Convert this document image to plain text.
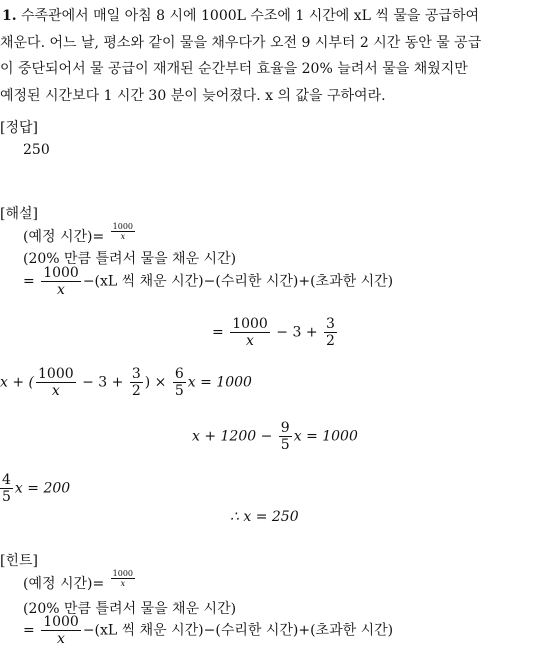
1. 수족관에서 매일 아침 8 시에 1000L 수조에 1 시간에 xL 씩 물을 공급하여
채운다. 어느 날, 평소와 같이 물을 채우다가 오전 9 시부터 2 시간 동안 물 공급
이 중단되어서 물 공급이 재개된 순간부터 효율을 20% 늘려서 물을 채웠지만
예정된 시간보다 1 시간 30 분이 늦어졌다. x 의 값을 구하여라.
[정답]
250
[해설]
(예정 시간)= $\frac{1000}{x}$
(20% 만큼 틀려서 물을 채운 시간)
= $\frac{1000}{x} -(xL$ 씩 채운 시간)−(수리한 시간)+(초과한 시간)
= $\frac{1000}{x} - 3 + \frac{3}{2}$
x + ( $\frac{1000}{x} - 3 + \frac{3}{2}$ ) × $\frac{6}{5}$ x = 1000
$x + 1200 - \frac{9}{5}$ x = 1000
$\frac{4}{5}$ x = 200
∴ x = 250
[힌트]
(예정 시간)= $\frac{1000}{x}$
(20% 만큼 틀려서 물을 채운 시간)
= $\frac{1000}{x} -(xL$ 씩 채운 시간)−(수리한 시간)+(초과한 시간)
